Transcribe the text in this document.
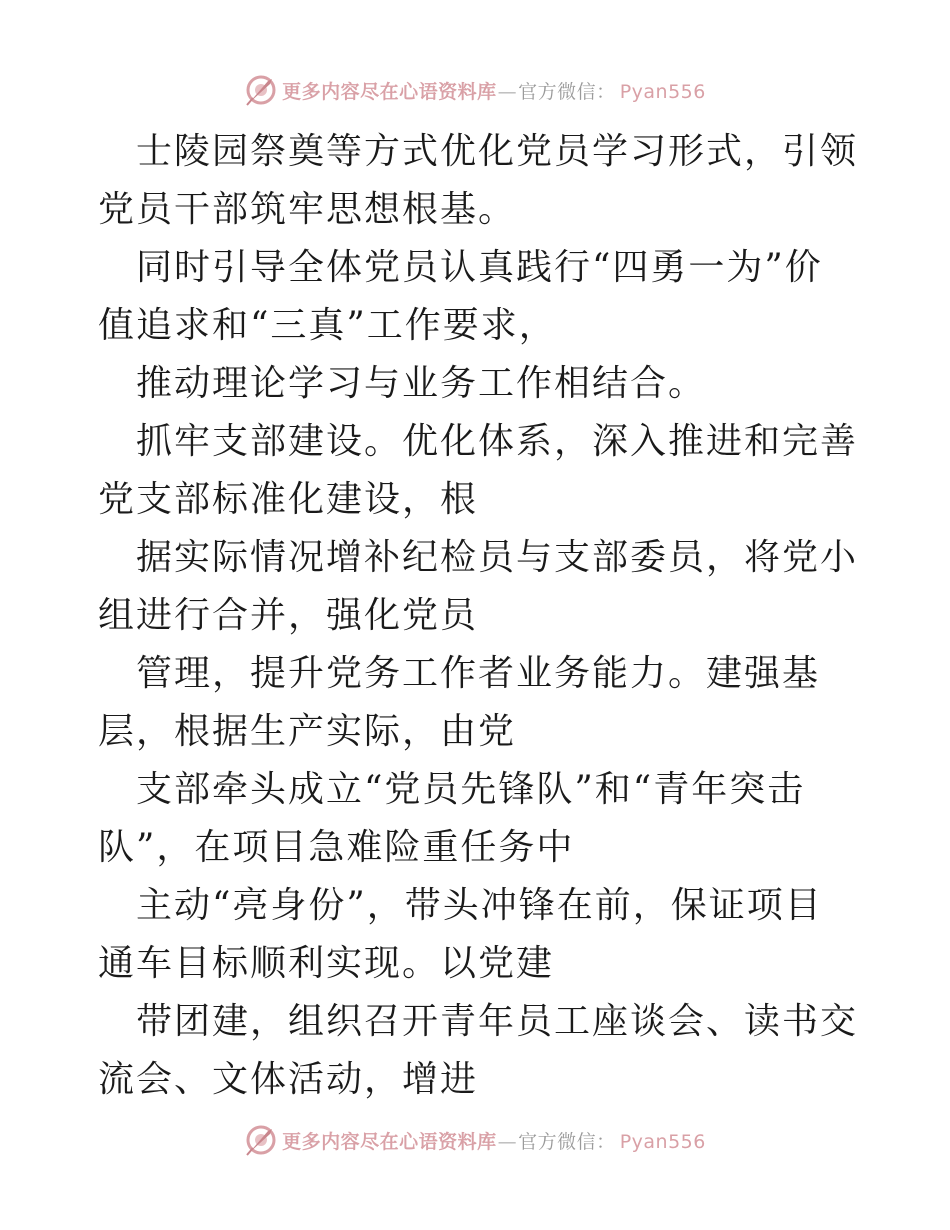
更多内容尽在心语资料库 — 官方微信： Pyan556

士陵园祭奠等方式优化党员学习形式，引领党员干部筑牢思想根基。

同时引导全体党员认真践行“四勇一为”价值追求和“三真”工作要求，

推动理论学习与业务工作相结合。

抓牢支部建设。优化体系，深入推进和完善党支部标准化建设，根

据实际情况增补纪检员与支部委员，将党小组进行合并，强化党员

管理，提升党务工作者业务能力。建强基层，根据生产实际，由党

支部牵头成立“党员先锋队”和“青年突击队”，在项目急难险重任务中

主动“亮身份”，带头冲锋在前，保证项目通车目标顺利实现。以党建

带团建，组织召开青年员工座谈会、读书交流会、文体活动，增进

更多内容尽在心语资料库 — 官方微信： Pyan556
